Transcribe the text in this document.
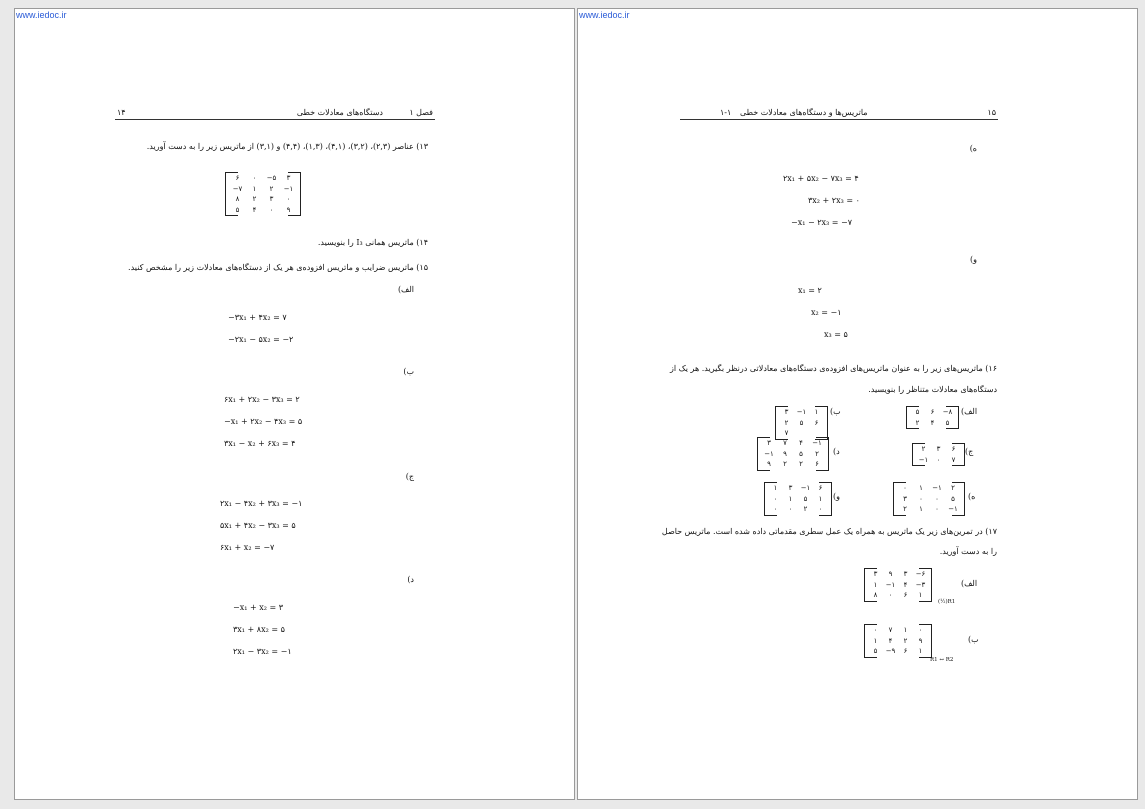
www.iedoc.ir
۱۴	دستگاه‌های معادلات خطی	فصل ۱
۱۳) عناصر (۲,۳)، (۳,۲)، (۴,۱)، (۱,۳)، (۴,۴) و (۳,۱) از ماتریس زیر را به دست آورید.
۶	۰	−۵	۳
−۷	۱	۲	−۱
۸	۲	۳	۰
۵	۴	۰	۹
۱۴) ماتریس همانی I₃ را بنویسید.
۱۵) ماتریس ضرایب و ماتریس افزوده‌ی هر یک از دستگاه‌های معادلات زیر را مشخص کنید.
الف)
−۳x₁ + ۴x₂ = ۷
−۲x₁ − ۵x₂ = −۲
ب)
۶x₁ + ۲x₂ − ۳x₃ = ۲
−x₁ + ۲x₂ − ۴x₃ = ۵
۳x₁ − x₂ + ۶x₃ = ۴
ج)
۲x₁ − ۴x₂ + ۳x₃ = −۱
۵x₁ + ۴x₂ − ۳x₃ = ۵
۶x₁ + x₂ = −۷
د)
−x₁ + x₂ = ۳
۳x₁ + ۸x₂ = ۵
۲x₁ − ۳x₂ = −۱
www.iedoc.ir
۱۵
۱-۱ ماتریس‌ها و دستگاه‌های معادلات خطی
ه)
۲x₁ + ۵x₂ − ۷x₃ = ۴
۳x₂ + ۲x₃ = ۰
−x₁ − ۲x₃ = −۷
و)
x₁ = ۲
x₂ = −۱
x₃ = ۵
۱۶) ماتریس‌های زیر را به عنوان ماتریس‌های افزوده‌ی دستگاه‌های معادلاتی درنظر بگیرید. هر یک از
دستگاه‌های معادلات متناظر را بنویسید.
الف)
۵	۶	−۸
۲	۴	۵
ب)
۳	−۱	۱
۲	۵	۶
۷
ج)
۲	۳	۶
−۱	۰	۷
د)
۳	۷	۴	−۱
−۱	۹	۵	۲
۹	۲	۲	۶
ه)
۰	۱	−۱	۲
۳	۰	۰	۵
۲	۱	۰	−۱
و)
۱	۳	−۱	۶
۰	۱	۵	۱
۰	۰	۲	۰
۱۷) در تمرین‌های زیر یک ماتریس به همراه یک عمل سطری مقدماتی داده شده است. ماتریس حاصل
را به دست آورید.
الف)
۳	۹	۳	−۶
۱	−۱	۴	−۳
۸	۰	۶	۱
(½)R1
ب)
۰	۷	۱	۰
۱	۴	۲	۹
۵	−۹	۶	۱
R1 ↔ R2
